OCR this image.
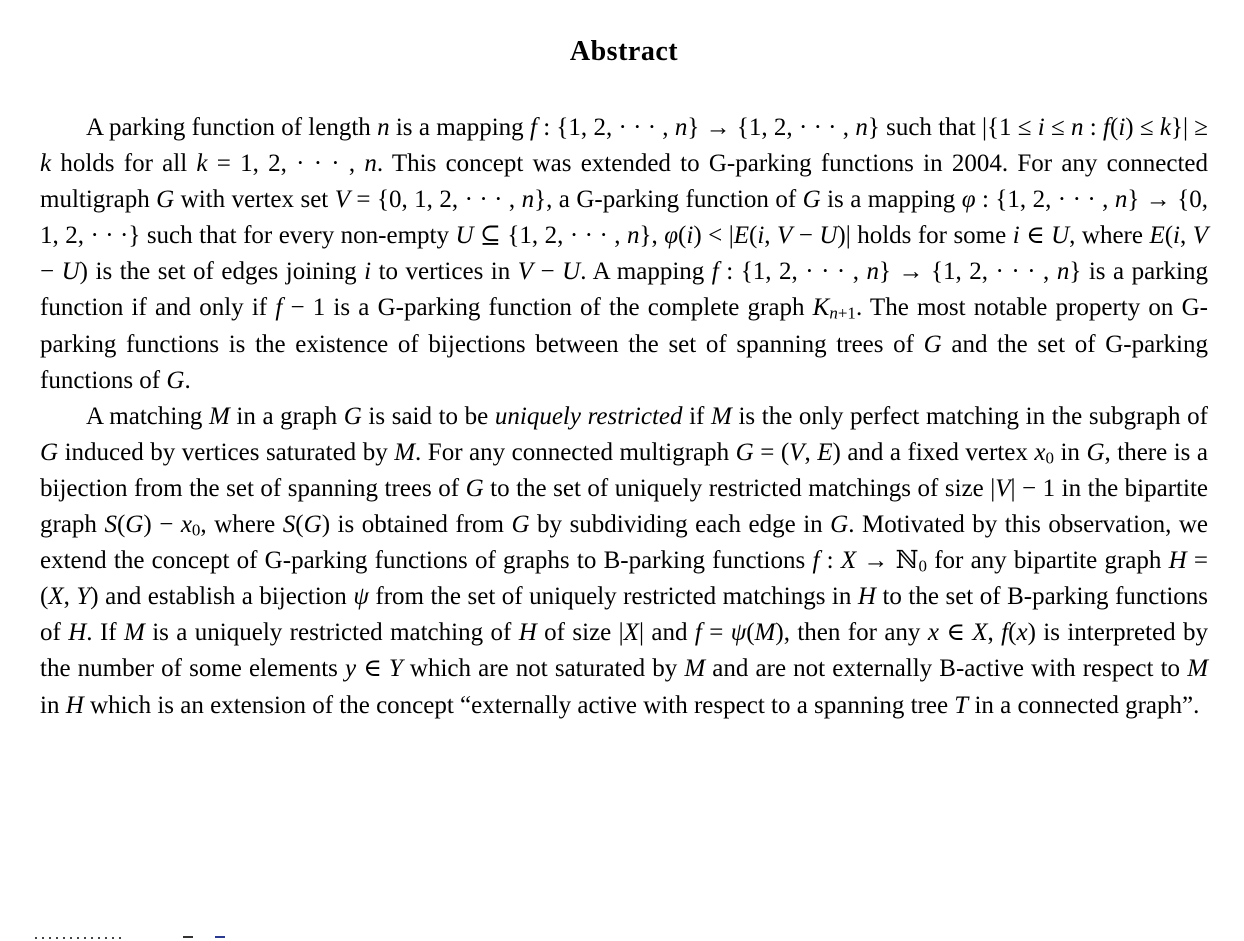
Abstract

A parking function of length n is a mapping f : {1, 2, · · · , n} → {1, 2, · · · , n} such that |{1 ≤ i ≤ n : f(i) ≤ k}| ≥ k holds for all k = 1, 2, · · · , n. This concept was extended to G-parking functions in 2004. For any connected multigraph G with vertex set V = {0, 1, 2, · · · , n}, a G-parking function of G is a mapping φ : {1, 2, · · · , n} → {0, 1, 2, · · ·} such that for every non-empty U ⊆ {1, 2, · · · , n}, φ(i) < |E(i, V − U)| holds for some i ∈ U, where E(i, V − U) is the set of edges joining i to vertices in V − U. A mapping f : {1, 2, · · · , n} → {1, 2, · · · , n} is a parking function if and only if f − 1 is a G-parking function of the complete graph $K_{n+1}$. The most notable property on G-parking functions is the existence of bijections between the set of spanning trees of G and the set of G-parking functions of G.

A matching M in a graph G is said to be uniquely restricted if M is the only perfect matching in the subgraph of G induced by vertices saturated by M. For any connected multigraph G = (V, E) and a fixed vertex $x_0$ in G, there is a bijection from the set of spanning trees of G to the set of uniquely restricted matchings of size |V| − 1 in the bipartite graph $S(G) - x_0$, where S(G) is obtained from G by subdividing each edge in G. Motivated by this observation, we extend the concept of G-parking functions of graphs to B-parking functions f : X → ℕ$_0$ for any bipartite graph H = (X, Y) and establish a bijection ψ from the set of uniquely restricted matchings in H to the set of B-parking functions of H. If M is a uniquely restricted matching of H of size |X| and f = ψ(M), then for any x ∈ X, f(x) is interpreted by the number of some elements y ∈ Y which are not saturated by M and are not externally B-active with respect to M in H which is an extension of the concept “externally active with respect to a spanning tree T in a connected graph”.
